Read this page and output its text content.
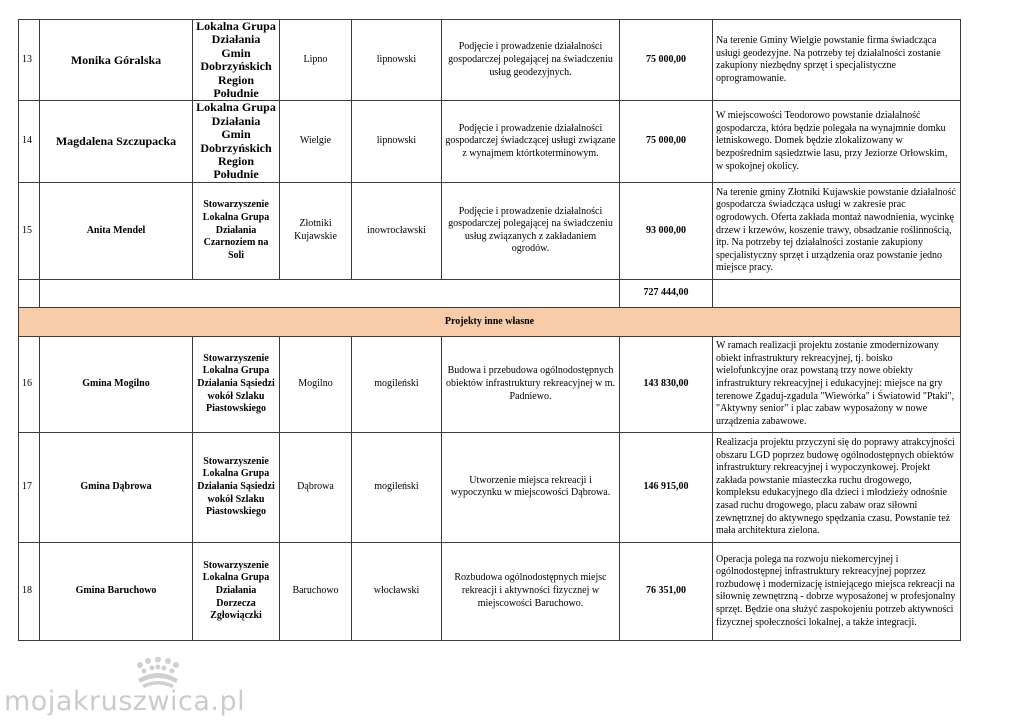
13	Monika Góralska	Lokalna Grupa Działania Gmin Dobrzyńskich Region Południe	Lipno	lipnowski	Podjęcie i prowadzenie działalności gospodarczej polegającej na świadczeniu usług geodezyjnych.	75 000,00	Na terenie Gminy Wielgie powstanie firma świadcząca usługi geodezyjne. Na potrzeby tej działalności zostanie zakupiony niezbędny sprzęt i specjalistyczne oprogramowanie.
14	Magdalena Szczupacka	Lokalna Grupa Działania Gmin Dobrzyńskich Region Południe	Wielgie	lipnowski	Podjęcie i prowadzenie działalności gospodarczej świadczącej usługi związane z wynajmem którtkoterminowym.	75 000,00	W miejscowości Teodorowo powstanie działalność gospodarcza, która będzie polegała na wynajmnie domku letniskowego. Domek będzie zlokalizowany w bezpośrednim sąsiedztwie lasu, przy Jeziorze Orłowskim, w spokojnej okolicy.
15	Anita Mendel	Stowarzyszenie Lokalna Grupa Działania Czarnoziem na Soli	Złotniki Kujawskie	inowrocławski	Podjęcie i prowadzenie działalności gospodarczej polegającej na świadczeniu usług związanych z zakładaniem ogrodów.	93 000,00	Na terenie gminy Złotniki Kujawskie powstanie działalność gospodarcza świadcząca usługi w zakresie prac ogrodowych. Oferta zakłada montaż nawodnienia, wycinkę drzew i krzewów, koszenie trawy, obsadzanie roślinnością, itp. Na potrzeby tej działalności zostanie zakupiony specjalistyczny sprzęt i urządzenia oraz powstanie jedno miejsce pracy.
						727 444,00	
Projekty inne własne							
16	Gmina Mogilno	Stowarzyszenie Lokalna Grupa Działania Sąsiedzi wokół Szlaku Piastowskiego	Mogilno	mogileński	Budowa i przebudowa ogólnodostępnych obiektów infrastruktury rekreacyjnej w m. Padniewo.	143 830,00	W ramach realizacji projektu zostanie zmodernizowany obiekt infrastruktury rekreacyjnej, tj. boisko wielofunkcyjne oraz powstaną trzy nowe obiekty infrastruktury rekreacyjnej i edukacyjnej: miejsce na gry terenowe Zgaduj-zgadula "Wiewórka" i Światowid "Ptaki", "Aktywny senior" i plac zabaw wyposażony w nowe urządzenia zabawowe.
17	Gmina Dąbrowa	Stowarzyszenie Lokalna Grupa Działania Sąsiedzi wokół Szlaku Piastowskiego	Dąbrowa	mogileński	Utworzenie miejsca rekreacji i wypoczynku w miejscowości Dąbrowa.	146 915,00	Realizacja projektu przyczyni się do poprawy atrakcyjności obszaru LGD poprzez budowę ogólnodostępnych obiektów infrastruktury rekreacyjnej i wypoczynkowej. Projekt zakłada powstanie miasteczka ruchu drogowego, kompleksu edukacyjnego dla dzieci i młodzieży odnośnie zasad ruchu drogowego, placu zabaw oraz siłowni zewnętrznej do aktywnego spędzania czasu. Powstanie też mała architektura zielona.
18	Gmina Baruchowo	Stowarzyszenie Lokalna Grupa Działania Dorzecza Zgłowiączki	Baruchowo	włocławski	Rozbudowa ogólnodostępnych miejsc rekreacji i aktywności fizycznej w miejscowości Baruchowo.	76 351,00	Operacja polega na rozwoju niekomercyjnej i ogólnodostępnej infrastruktury rekreacyjnej poprzez rozbudowę i modernizację istniejącego miejsca rekreacji na siłownię zewnętrzną - dobrze wyposażonej w profesjonalny sprzęt. Będzie ona służyć zaspokojeniu potrzeb aktywności fizycznej społeczności lokalnej, a także integracji.
mojakruszwica.pl
